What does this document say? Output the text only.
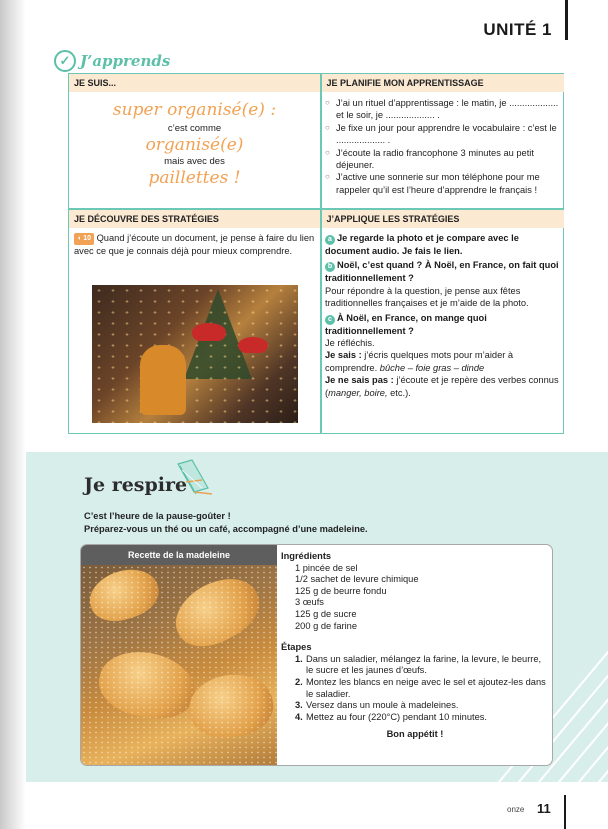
UNITÉ 1
✓ J’apprends
JE SUIS...	JE PLANIFIE MON APPRENTISSAGE
super organisé(e) :
c’est comme
organisé(e)
mais avec des
paillettes !
○ J’ai un rituel d’apprentissage : le matin, je ................... et le soir, je ................... .
○ Je fixe un jour pour apprendre le vocabulaire : c’est le ................... .
○ J’écoute la radio francophone 3 minutes au petit déjeuner.
○ J’active une sonnerie sur mon téléphone pour me rappeler qu’il est l’heure d’apprendre le français !
JE DÉCOUVRE DES STRATÉGIES	J’APPLIQUE LES STRATÉGIES
◖ 10 Quand j’écoute un document, je pense à faire du lien avec ce que je connais déjà pour mieux comprendre.
a Je regarde la photo et je compare avec le document audio. Je fais le lien.
b Noël, c’est quand ? À Noël, en France, on fait quoi traditionnellement ?
Pour répondre à la question, je pense aux fêtes traditionnelles françaises et je m’aide de la photo.
c À Noël, en France, on mange quoi traditionnellement ?
Je réfléchis.
Je sais : j’écris quelques mots pour m’aider à comprendre. bûche – foie gras – dinde
Je ne sais pas : j’écoute et je repère des verbes connus (manger, boire, etc.).
Je respire
C’est l’heure de la pause-goûter !
Préparez-vous un thé ou un café, accompagné d’une madeleine.
Recette de la madeleine	Ingrédients
1 pincée de sel
1/2 sachet de levure chimique
125 g de beurre fondu
3 œufs
125 g de sucre
200 g de farine
Étapes
1. Dans un saladier, mélangez la farine, la levure, le beurre, le sucre et les jaunes d’œufs.
2. Montez les blancs en neige avec le sel et ajoutez-les dans le saladier.
3. Versez dans un moule à madeleines.
4. Mettez au four (220°C) pendant 10 minutes.
Bon appétit !
onze 11
